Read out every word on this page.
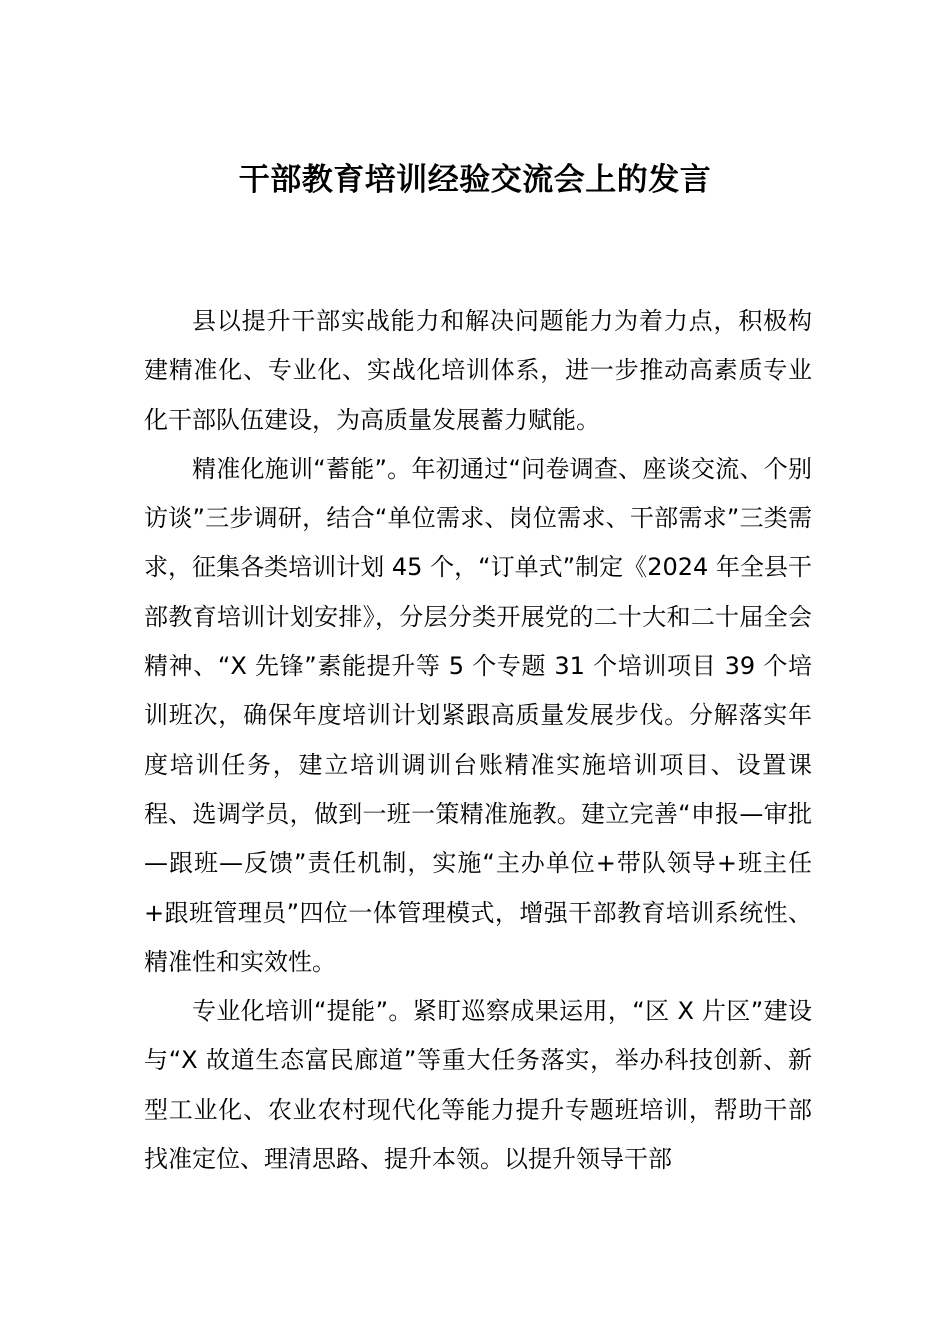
干部教育培训经验交流会上的发言

县以提升干部实战能力和解决问题能力为着力点，积极构建精准化、专业化、实战化培训体系，进一步推动高素质专业化干部队伍建设，为高质量发展蓄力赋能。

精准化施训“蓄能”。年初通过“问卷调查、座谈交流、个别访谈”三步调研，结合“单位需求、岗位需求、干部需求”三类需求，征集各类培训计划 45 个，“订单式”制定《2024 年全县干部教育培训计划安排》，分层分类开展党的二十大和二十届全会精神、“X 先锋”素能提升等 5 个专题 31 个培训项目 39 个培训班次，确保年度培训计划紧跟高质量发展步伐。分解落实年度培训任务，建立培训调训台账精准实施培训项目、设置课程、选调学员，做到一班一策精准施教。建立完善“申报—审批—跟班—反馈”责任机制，实施“主办单位+带队领导+班主任+跟班管理员”四位一体管理模式，增强干部教育培训系统性、精准性和实效性。

专业化培训“提能”。紧盯巡察成果运用，“区 X 片区”建设与“X 故道生态富民廊道”等重大任务落实，举办科技创新、新型工业化、农业农村现代化等能力提升专题班培训，帮助干部找准定位、理清思路、提升本领。以提升领导干部
